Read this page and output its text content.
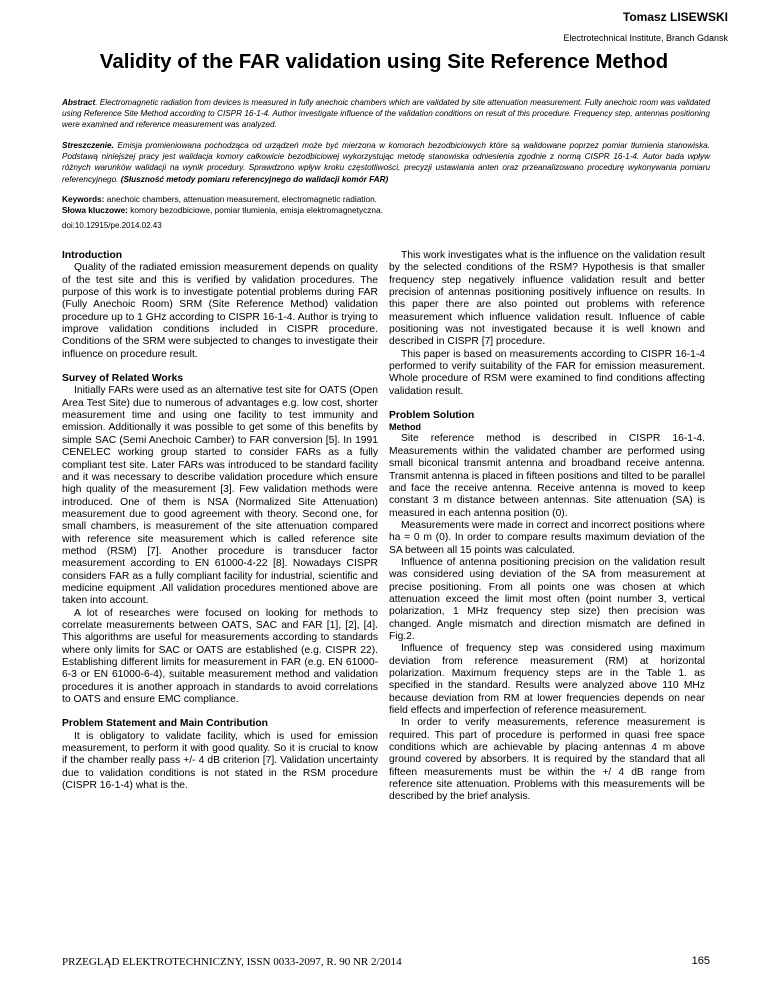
Tomasz LISEWSKI
Electrotechnical Institute, Branch Gdansk
Validity of the FAR validation using Site Reference Method

Abstract. Electromagnetic radiation from devices is measured in fully anechoic chambers which are validated by site attenuation measurement. Fully anechoic room was validated using Reference Site Method according to CISPR 16-1-4. Author investigate influence of the validation conditions on result of this procedure. Frequency step, antennas positioning were examined and reference measurement was analyzed.

Streszczenie. Emisja promieniowana pochodząca od urządzeń może być mierzona w komorach bezodbiciowych które są walidowane poprzez pomiar tłumienia stanowiska. Podstawą niniejszej pracy jest walidacja komory całkowicie bezodbiciowej wykorzystując metodę stanowiska odniesienia zgodnie z normą CISPR 16-1-4. Autor bada wpływ różnych warunków walidacji na wynik procedury. Sprawdzono wpływ kroku częstotliwości, precyzji ustawiania anten oraz przeanalizowano procedurę wykonywania pomiaru referencyjnego. (Słuszność metody pomiaru referencyjnego do walidacji komór FAR)

Keywords: anechoic chambers, attenuation measurement, electromagnetic radiation.

Słowa kluczowe: komory bezodbiciowe, pomiar tłumienia, emisja elektromagnetyczna.

doi:10.12915/pe.2014.02.43
Introduction

Quality of the radiated emission measurement depends on quality of the test site and this is verified by validation procedures. The purpose of this work is to investigate potential problems during FAR (Fully Anechoic Room) SRM (Site Reference Method) validation procedure up to 1 GHz according to CISPR 16-1-4. Author is trying to improve validation conditions included in CISPR procedure. Conditions of the SRM were subjected to changes to investigate their influence on procedure result.

Survey of Related Works

Initially FARs were used as an alternative test site for OATS (Open Area Test Site) due to numerous of advantages e.g. low cost, shorter measurement time and using one facility to test immunity and emission. Additionally it was possible to get some of this benefits by simple SAC (Semi Anechoic Camber) to FAR conversion [5]. In 1991 CENELEC working group started to consider FARs as a fully compliant test site. Later FARs was introduced to be standard facility and it was necessary to describe validation procedure which ensure high quality of the measurement [3]. Few validation methods were introduced. One of them is NSA (Normalized Site Attenuation) measurement due to good agreement with theory. Second one, for small chambers, is measurement of the site attenuation compared with reference site measurement which is called reference site method (RSM) [7]. Another procedure is transducer factor measurement according to EN 61000-4-22 [8]. Nowadays CISPR considers FAR as a fully compliant facility for industrial, scientific and medicine equipment .All validation procedures mentioned above are taken into account.

A lot of researches were focused on looking for methods to correlate measurements between OATS, SAC and FAR [1], [2], [4]. This algorithms are useful for measurements according to standards where only limits for SAC or OATS are established (e.g. CISPR 22). Establishing different limits for measurement in FAR (e.g. EN 61000-6-3 or EN 61000-6-4), suitable measurement method and validation procedures it is another approach in standards to avoid correlations to OATS and ensure EMC compliance.

Problem Statement and Main Contribution

It is obligatory to validate facility, which is used for emission measurement, to perform it with good quality. So it is crucial to know if the chamber really pass +/- 4 dB criterion [7]. Validation uncertainty due to validation conditions is not stated in the RSM procedure (CISPR 16-1-4) what is the.

This work investigates what is the influence on the validation result by the selected conditions of the RSM? Hypothesis is that smaller frequency step negatively influence validation result and better precision of antennas positioning positively influence on results. In this paper there are also pointed out problems with reference measurement which influence validation result. Influence of cable positioning was not investigated because it is well known and described in CISPR [7] procedure.

This paper is based on measurements according to CISPR 16-1-4 performed to verify suitability of the FAR for emission measurement. Whole procedure of RSM were examined to find conditions affecting validation result.

Problem Solution
Method

Site reference method is described in CISPR 16-1-4. Measurements within the validated chamber are performed using small biconical transmit antenna and broadband receive antenna. Transmit antenna is placed in fifteen positions and tilted to be parallel and face the receive antenna. Receive antenna is moved to keep constant 3 m distance between antennas. Site attenuation (SA) is measured in each antenna position (0).

Measurements were made in correct and incorrect positions where ha = 0 m (0). In order to compare results maximum deviation of the SA between all 15 points was calculated.

Influence of antenna positioning precision on the validation result was considered using deviation of the SA from measurement at precise positioning. From all points one was chosen at which attenuation exceed the limit most often (point number 3, vertical polarization, 1 MHz frequency step size) then precision was changed. Angle mismatch and direction mismatch are defined in Fig.2.

Influence of frequency step was considered using maximum deviation from reference measurement (RM) at horizontal polarization. Maximum frequency steps are in the Table 1. as specified in the standard. Results were analyzed above 110 MHz because deviation from RM at lower frequencies depends on near field effects and imperfection of reference measurement.

In order to verify measurements, reference measurement is required. This part of procedure is performed in quasi free space conditions which are achievable by placing antennas 4 m above ground covered by absorbers. It is required by the standard that all fifteen measurements must be within the +/ 4 dB range from reference site attenuation. Problems with this measurements will be described by the brief analysis.

PRZEGLĄD ELEKTROTECHNICZNY, ISSN 0033-2097, R. 90 NR 2/2014	165
